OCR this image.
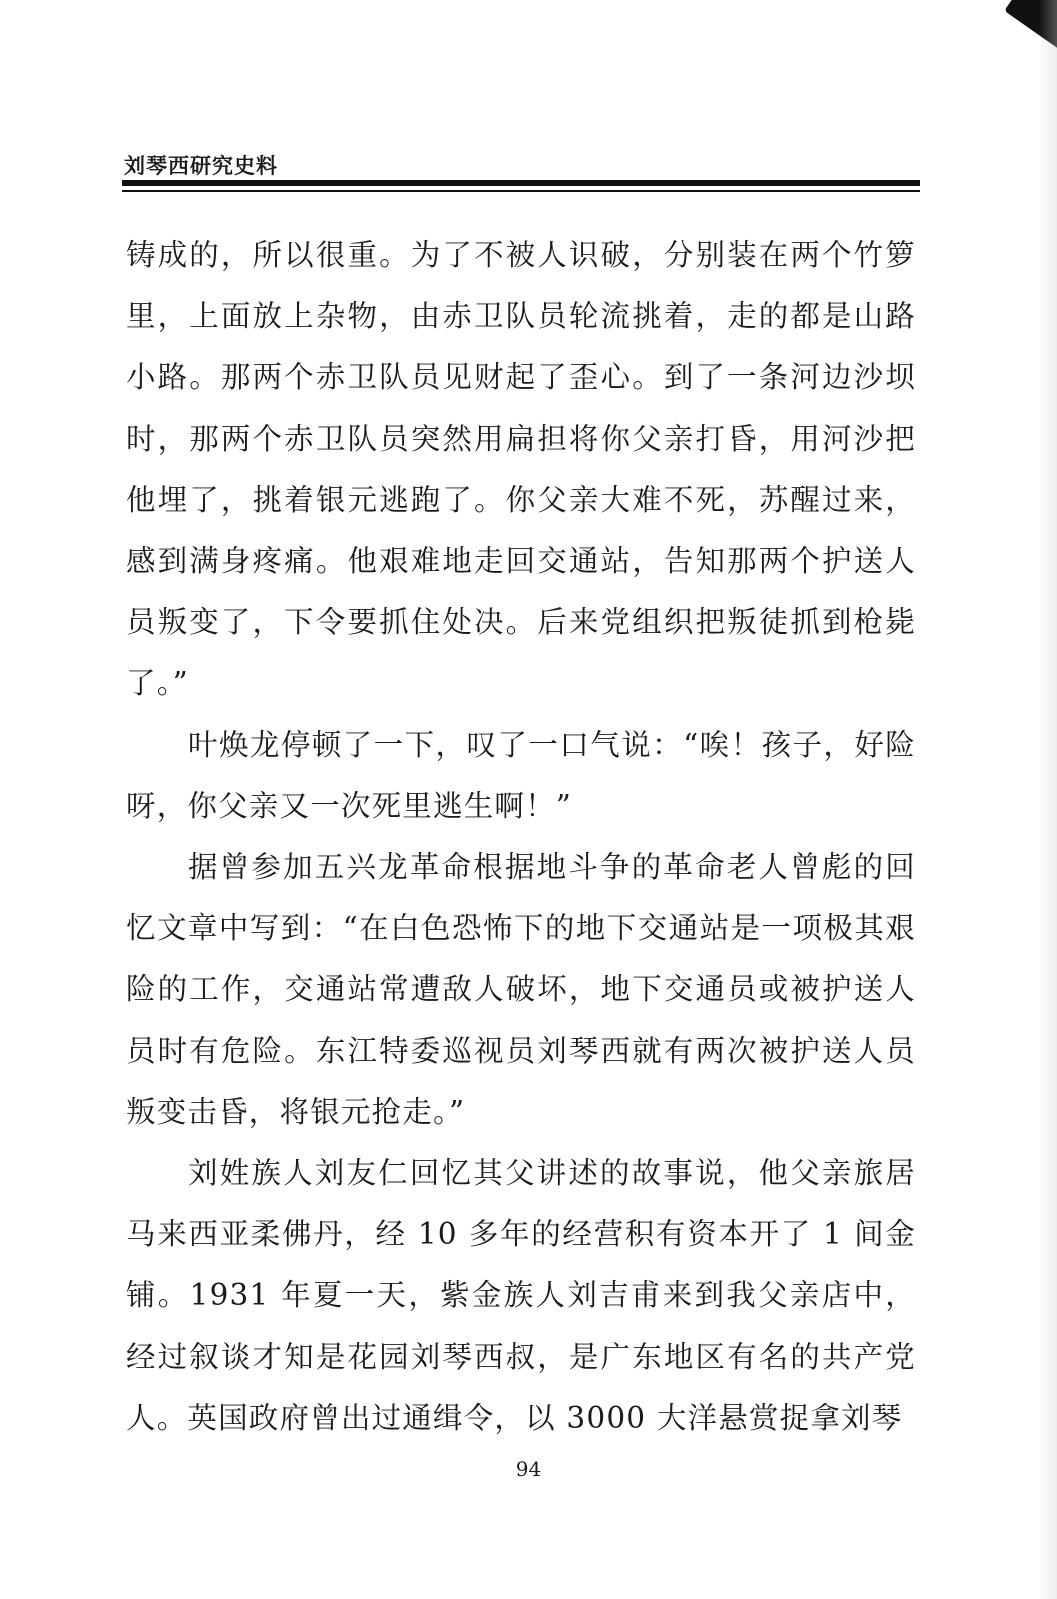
刘琴西研究史料

铸成的，所以很重。为了不被人识破，分别装在两个竹箩里，上面放上杂物，由赤卫队员轮流挑着，走的都是山路小路。那两个赤卫队员见财起了歪心。到了一条河边沙坝时，那两个赤卫队员突然用扁担将你父亲打昏，用河沙把他埋了，挑着银元逃跑了。你父亲大难不死，苏醒过来，感到满身疼痛。他艰难地走回交通站，告知那两个护送人员叛变了，下令要抓住处决。后来党组织把叛徒抓到枪毙了。”

叶焕龙停顿了一下，叹了一口气说：“唉！孩子，好险呀，你父亲又一次死里逃生啊！”

据曾参加五兴龙革命根据地斗争的革命老人曾彪的回忆文章中写到：“在白色恐怖下的地下交通站是一项极其艰险的工作，交通站常遭敌人破坏，地下交通员或被护送人员时有危险。东江特委巡视员刘琴西就有两次被护送人员叛变击昏，将银元抢走。”

刘姓族人刘友仁回忆其父讲述的故事说，他父亲旅居马来西亚柔佛丹，经 10 多年的经营积有资本开了 1 间金铺。1931 年夏一天，紫金族人刘吉甫来到我父亲店中，经过叙谈才知是花园刘琴西叔，是广东地区有名的共产党人。英国政府曾出过通缉令，以 3000 大洋悬赏捉拿刘琴

94
